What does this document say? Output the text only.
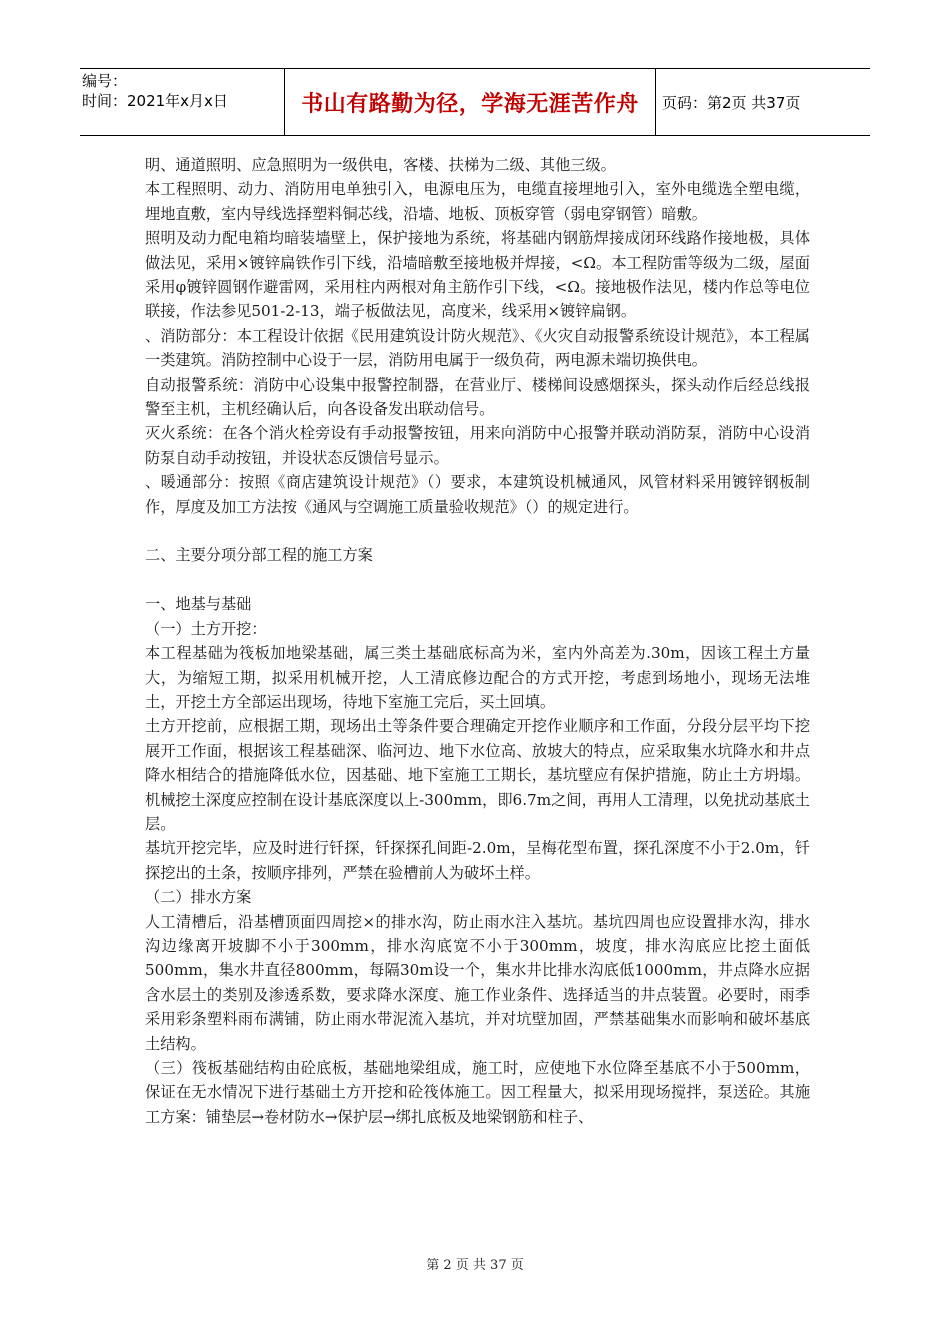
编号：
时间：2021年x月x日	书山有路勤为径，学海无涯苦作舟 页码：第2页 共37页

明、通道照明、应急照明为一级供电，客楼、扶梯为二级、其他三级。

本工程照明、动力、消防用电单独引入，电源电压为，电缆直接埋地引入，室外电缆选全塑电缆，埋地直敷，室内导线选择塑料铜芯线，沿墙、地板、顶板穿管（弱电穿钢管）暗敷。

照明及动力配电箱均暗装墙壁上，保护接地为系统，将基础内钢筋焊接成闭环线路作接地极，具体做法见，采用×镀锌扁铁作引下线，沿墙暗敷至接地极并焊接，<Ω。本工程防雷等级为二级，屋面采用φ镀锌圆钢作避雷网，采用柱内两根对角主筋作引下线，<Ω。接地极作法见，楼内作总等电位联接，作法参见501-2-13，端子板做法见，高度米，线采用×镀锌扁钢。

、消防部分：本工程设计依据《民用建筑设计防火规范》、《火灾自动报警系统设计规范》，本工程属一类建筑。消防控制中心设于一层，消防用电属于一级负荷，两电源未端切换供电。

自动报警系统：消防中心设集中报警控制器，在营业厅、楼梯间设感烟探头，探头动作后经总线报警至主机，主机经确认后，向各设备发出联动信号。

灭火系统：在各个消火栓旁设有手动报警按钮，用来向消防中心报警并联动消防泵，消防中心设消防泵自动手动按钮，并设状态反馈信号显示。

、暖通部分：按照《商店建筑设计规范》（）要求，本建筑设机械通风，风管材料采用镀锌钢板制作，厚度及加工方法按《通风与空调施工质量验收规范》（）的规定进行。

二、主要分项分部工程的施工方案

一、地基与基础

（一）土方开挖：

本工程基础为筏板加地梁基础，属三类土基础底标高为米，室内外高差为.30m，因该工程土方量大，为缩短工期，拟采用机械开挖，人工清底修边配合的方式开挖，考虑到场地小，现场无法堆土，开挖土方全部运出现场，待地下室施工完后，买土回填。

土方开挖前，应根据工期，现场出土等条件要合理确定开挖作业顺序和工作面，分段分层平均下挖展开工作面，根据该工程基础深、临河边、地下水位高、放坡大的特点，应采取集水坑降水和井点降水相结合的措施降低水位，因基础、地下室施工工期长，基坑壁应有保护措施，防止土方坍塌。机械挖土深度应控制在设计基底深度以上-300mm，即6.7m之间，再用人工清理，以免扰动基底土层。

基坑开挖完毕，应及时进行钎探，钎探探孔间距-2.0m，呈梅花型布置，探孔深度不小于2.0m，钎探挖出的土条，按顺序排列，严禁在验槽前人为破坏土样。

（二）排水方案

人工清槽后，沿基槽顶面四周挖×的排水沟，防止雨水注入基坑。基坑四周也应设置排水沟，排水沟边缘离开坡脚不小于300mm，排水沟底宽不小于300mm，坡度，排水沟底应比挖土面低500mm，集水井直径800mm，每隔30m设一个，集水井比排水沟底低1000mm，井点降水应据含水层土的类别及渗透系数，要求降水深度、施工作业条件、选择适当的井点装置。必要时，雨季采用彩条塑料雨布满铺，防止雨水带泥流入基坑，并对坑壁加固，严禁基础集水而影响和破坏基底土结构。

（三）筏板基础结构由砼底板，基础地梁组成，施工时，应使地下水位降至基底不小于500mm，保证在无水情况下进行基础土方开挖和砼筏体施工。因工程量大，拟采用现场搅拌，泵送砼。其施工方案：铺垫层→卷材防水→保护层→绑扎底板及地梁钢筋和柱子、

第 2 页 共 37 页
